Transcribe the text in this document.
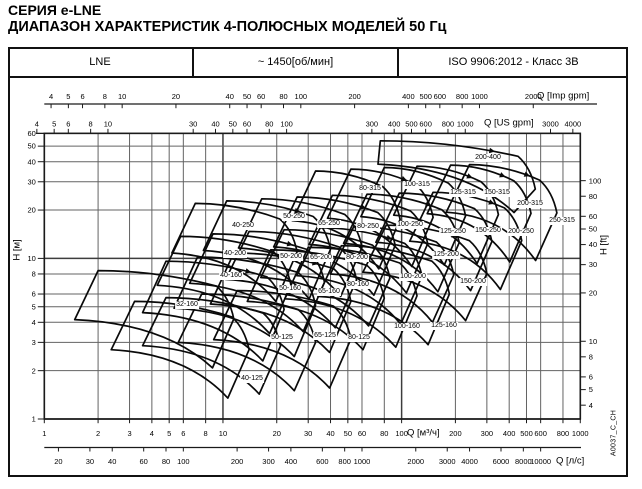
СЕРИЯ e-LNE
ДИАПАЗОН ХАРАКТЕРИСТИК 4-ПОЛЮСНЫХ МОДЕЛЕЙ 50 Гц
LNE	~ 1450[об/мин]	ISO 9906:2012 - Класс 3В
4 5 6 8 10	20	40 50 60 80 100	200	400 500 600 800 1000	2000
4 5 6 8 10	30 40 50 60 80 100	300 400 500 600 800 1000	3000 4000
1	2	3 4 5 6 8 10	20	30 40 50 60 80 100	200	300 400 500 600 800 1000
20	30 40	60 80 100	200	300 400	600 800 1000	2000 3000 4000 6000 8000
10000
1
2
3
4
5
6
8
10
20
30
40
50
60
4
5
6
8
10
20
30
40
50
60
80
100
32-160
40-125
40-160
40-200
40-250
50-125
50-160
50-200
50-250
65-125
65-160
65-200
65-250
80-125
80-160
80-200
80-250
80-315
100-160
100-200
100-250
100-315
125-160
125-200
125-250
125-315
150-200
150-250
150-315
200-250
200-315
200-400
250-315
Q [Imp gpm]
Q [US gpm]
Q [м³/ч]
Q [л/с]
H [м]	H [ft]
A0037_C_CH
